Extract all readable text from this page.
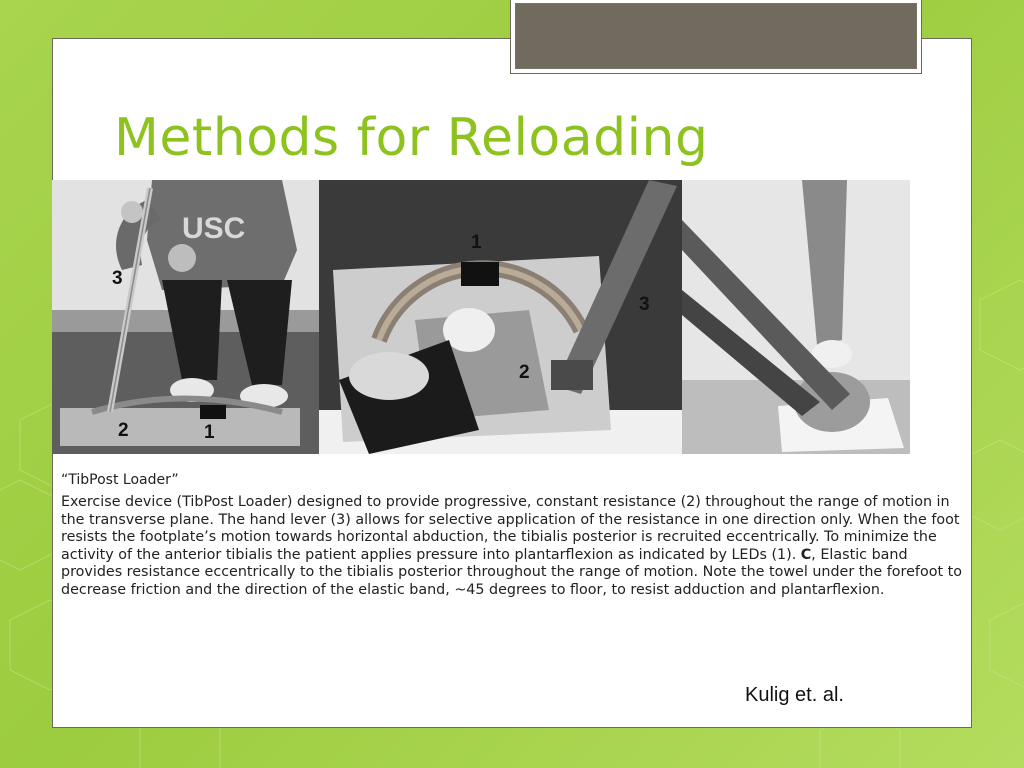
Methods for Reloading
USC
3
2	1
1
3
2

“TibPost Loader”

Exercise device (TibPost Loader) designed to provide progressive, constant resistance (2) throughout the range of motion in the transverse plane. The hand lever (3) allows for selective application of the resistance in one direction only. When the foot resists the footplate’s motion towards horizontal abduction, the tibialis posterior is recruited eccentrically. To minimize the activity of the anterior tibialis the patient applies pressure into plantarflexion as indicated by LEDs (1). C, Elastic band provides resistance eccentrically to the tibialis posterior throughout the range of motion. Note the towel under the forefoot to decrease friction and the direction of the elastic band, ~45 degrees to floor, to resist adduction and plantarflexion.

Kulig et. al.
